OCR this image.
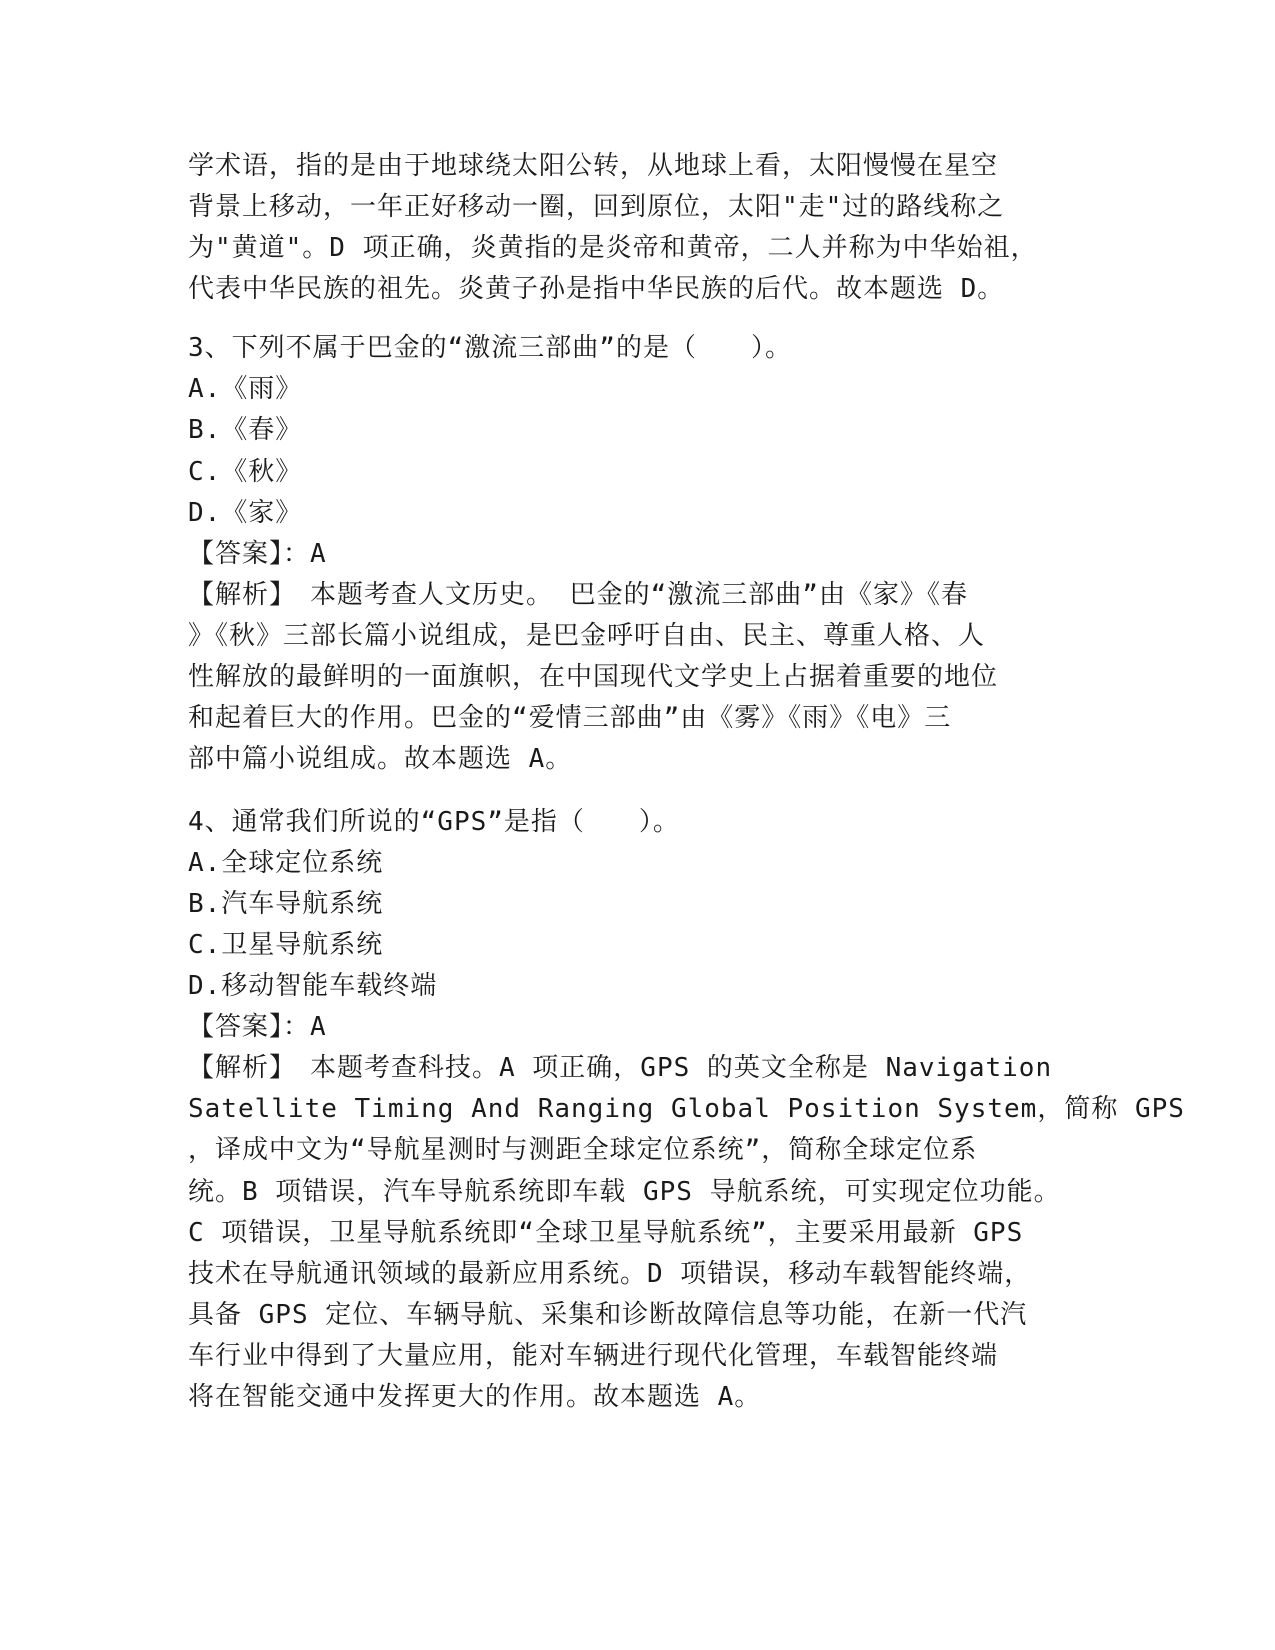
学术语，指的是由于地球绕太阳公转，从地球上看，太阳慢慢在星空
背景上移动，一年正好移动一圈，回到原位，太阳"走"过的路线称之
为"黄道"。D 项正确，炎黄指的是炎帝和黄帝，二人并称为中华始祖，
代表中华民族的祖先。炎黄子孙是指中华民族的后代。故本题选 D。
3、下列不属于巴金的“激流三部曲”的是（　　）。
A.《雨》
B.《春》
C.《秋》
D.《家》
【答案】：A
【解析】　本题考查人文历史。 巴金的“激流三部曲”由《家》《春
》《秋》三部长篇小说组成，是巴金呼吁自由、民主、尊重人格、人
性解放的最鲜明的一面旗帜，在中国现代文学史上占据着重要的地位
和起着巨大的作用。巴金的“爱情三部曲”由《雾》《雨》《电》三
部中篇小说组成。故本题选 A。
4、通常我们所说的“GPS”是指（　　）。
A.全球定位系统
B.汽车导航系统
C.卫星导航系统
D.移动智能车载终端
【答案】：A
【解析】　本题考查科技。A 项正确，GPS 的英文全称是 Navigation
Satellite Timing And Ranging Global Position System，简称 GPS
，译成中文为“导航星测时与测距全球定位系统”，简称全球定位系
统。B 项错误，汽车导航系统即车载 GPS 导航系统，可实现定位功能。
C 项错误，卫星导航系统即“全球卫星导航系统”，主要采用最新 GPS
技术在导航通讯领域的最新应用系统。D 项错误，移动车载智能终端，
具备 GPS 定位、车辆导航、采集和诊断故障信息等功能，在新一代汽
车行业中得到了大量应用，能对车辆进行现代化管理，车载智能终端
将在智能交通中发挥更大的作用。故本题选 A。
